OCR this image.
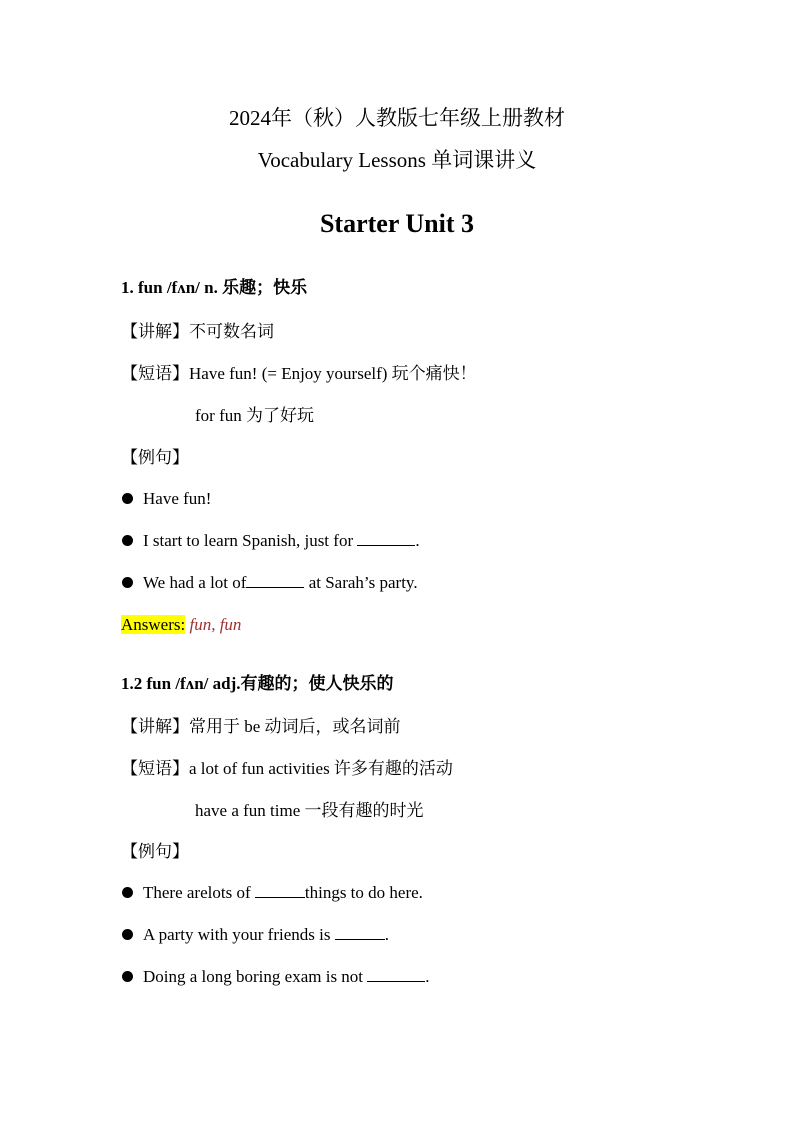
2024年（秋）人教版七年级上册教材
Vocabulary Lessons 单词课讲义
Starter Unit 3
1. fun /fʌn/ n. 乐趣；快乐
【讲解】不可数名词
【短语】Have fun! (= Enjoy yourself) 玩个痛快！
for fun 为了好玩
【例句】
Have fun!
I start to learn Spanish, just for	.
We had a lot of	at Sarah’s party.
Answers: fun, fun
1.2 fun /fʌn/ adj.有趣的；使人快乐的
【讲解】常用于 be 动词后，或名词前
【短语】a lot of fun activities 许多有趣的活动
have a fun time 一段有趣的时光
【例句】
There arelots of	things to do here.
A party with your friends is	.
Doing a long boring exam is not	.
